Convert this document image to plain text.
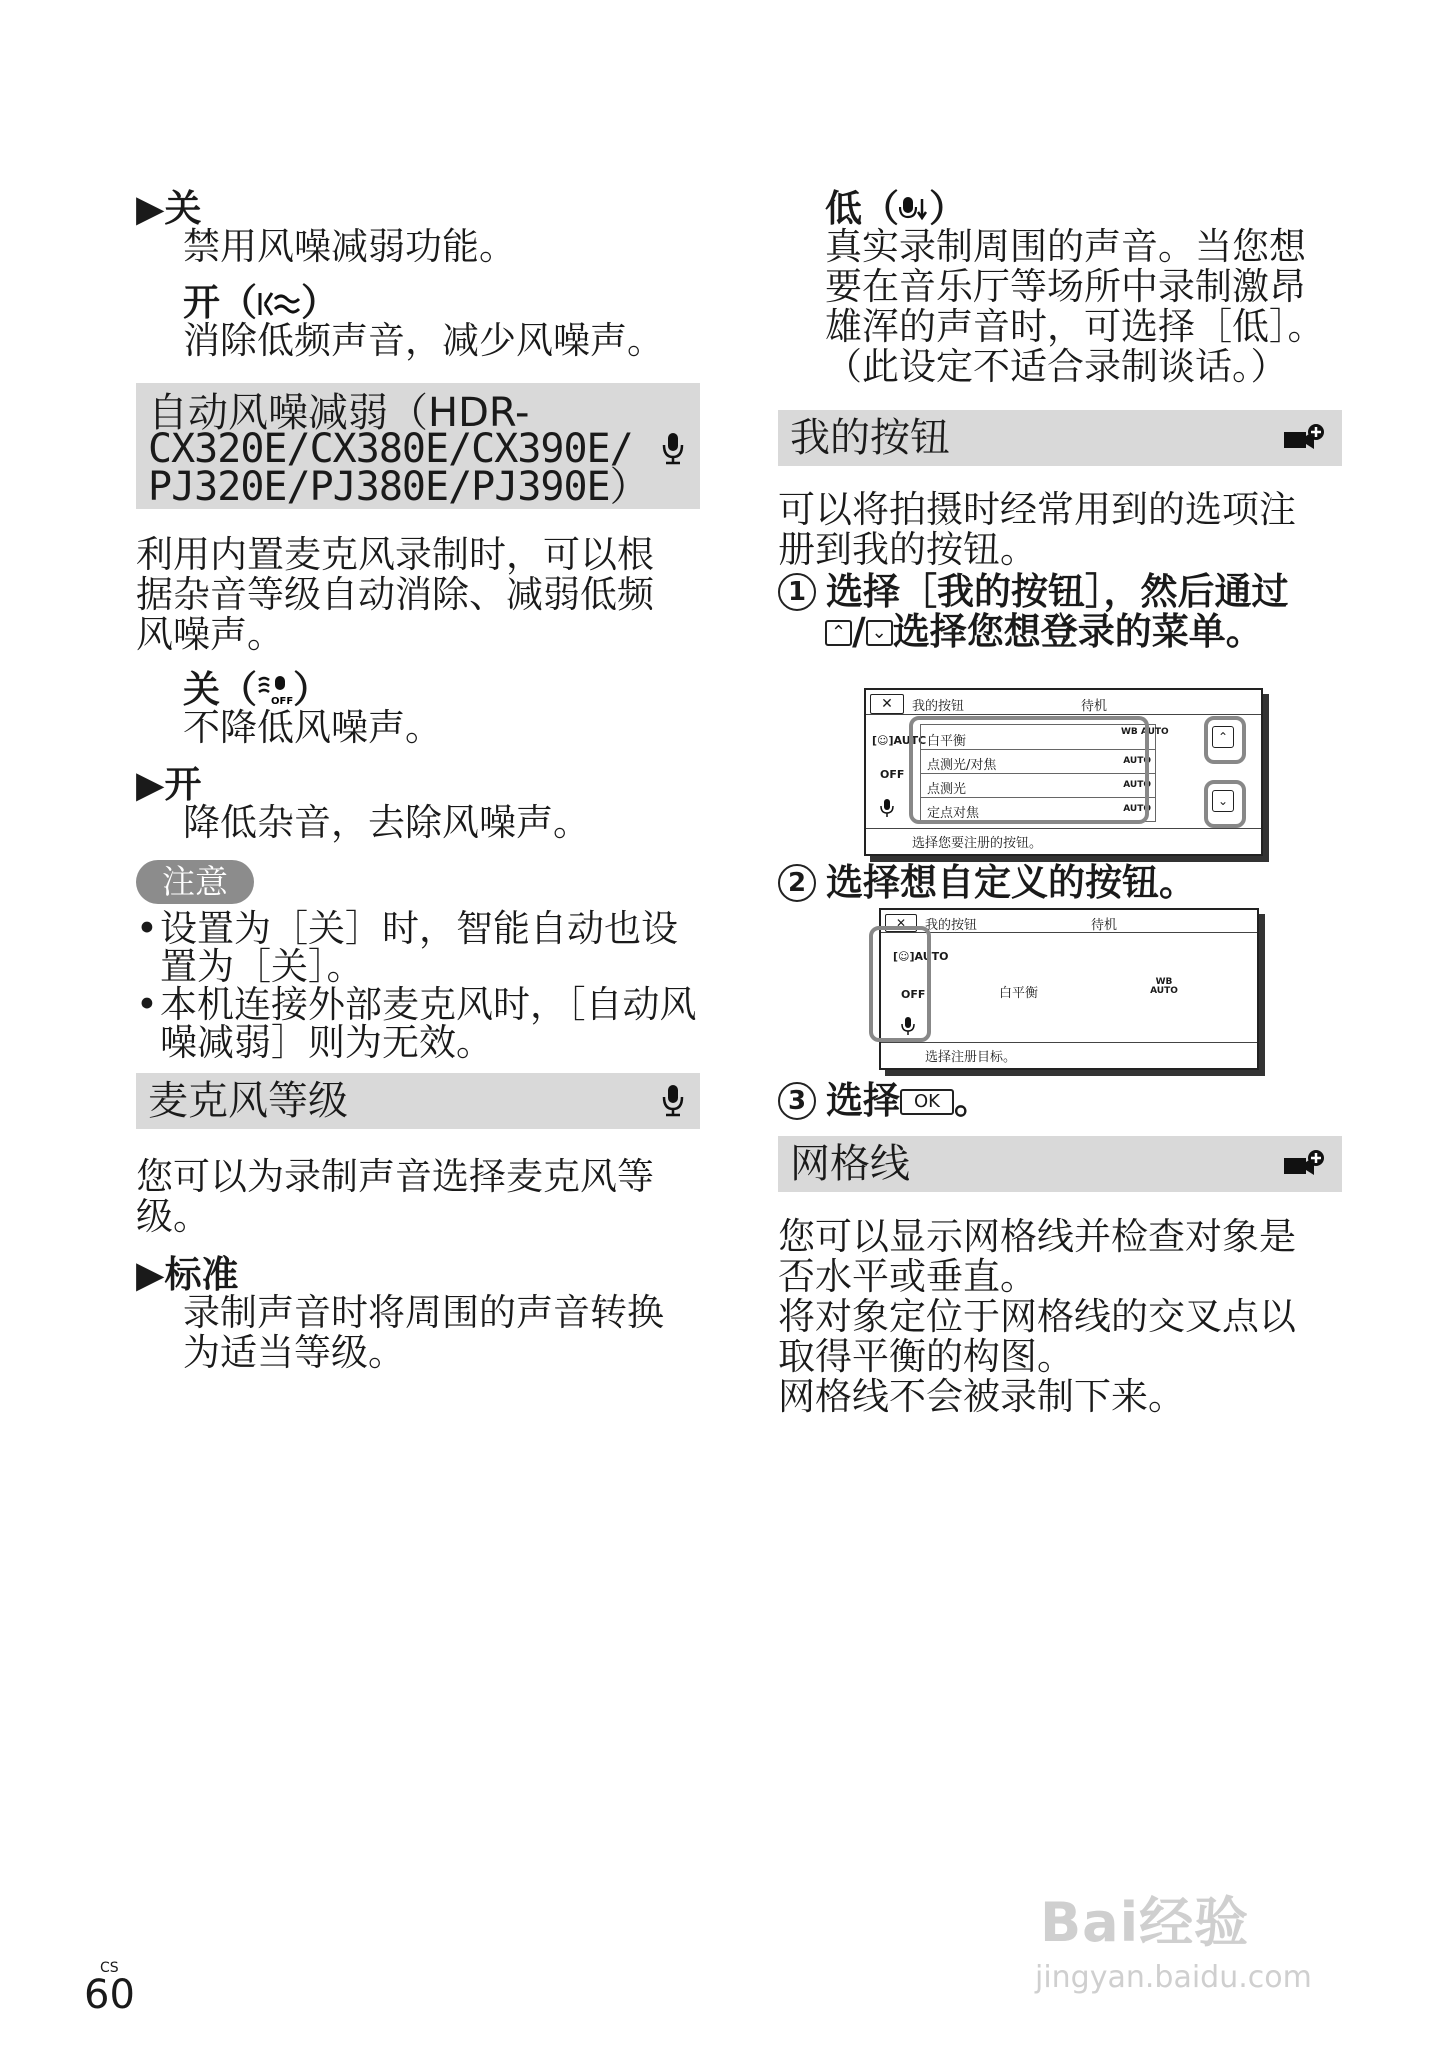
▶关
禁用风噪减弱功能。
开（ ）
消除低频声音，减少风噪声。
自动风噪减弱（HDR-
CX320E/CX380E/CX390E/
PJ320E/PJ380E/PJ390E）
利用内置麦克风录制时，可以根
据杂音等级自动消除、减弱低频
风噪声。
关（ OFF ）
不降低风噪声。
▶开
降低杂音，去除风噪声。
注意
• 设置为［关］时，智能自动也设
置为［关］。
• 本机连接外部麦克风时，［自动风
噪减弱］则为无效。
麦克风等级
您可以为录制声音选择麦克风等
级。
▶标准
录制声音时将周围的声音转换
为适当等级。
低（ ）
真实录制周围的声音。当您想
要在音乐厅等场所中录制激昂
雄浑的声音时，可选择［低］。
（此设定不适合录制谈话。）
我的按钮
可以将拍摄时经常用到的选项注
册到我的按钮。
1 选择［我的按钮］，然后通过
⌃ / ⌄ 选择您想登录的菜单。
✕	我的按钮	待机
[☺]AUTC
OFF
白平衡
WB AUTO
点测光/对焦	AUTO
点测光	AUTO
定点对焦	AUTO
⌃
⌄
选择您要注册的按钮。
2 选择想自定义的按钮。
✕	我的按钮	待机
[☺]AUTO
OFF	白平衡
WB AUTO
选择注册目标。
3 选择 OK 。
网格线
您可以显示网格线并检查对象是
否水平或垂直。
将对象定位于网格线的交叉点以
取得平衡的构图。
网格线不会被录制下来。
CS
60
Bai经验
jingyan.baidu.com
